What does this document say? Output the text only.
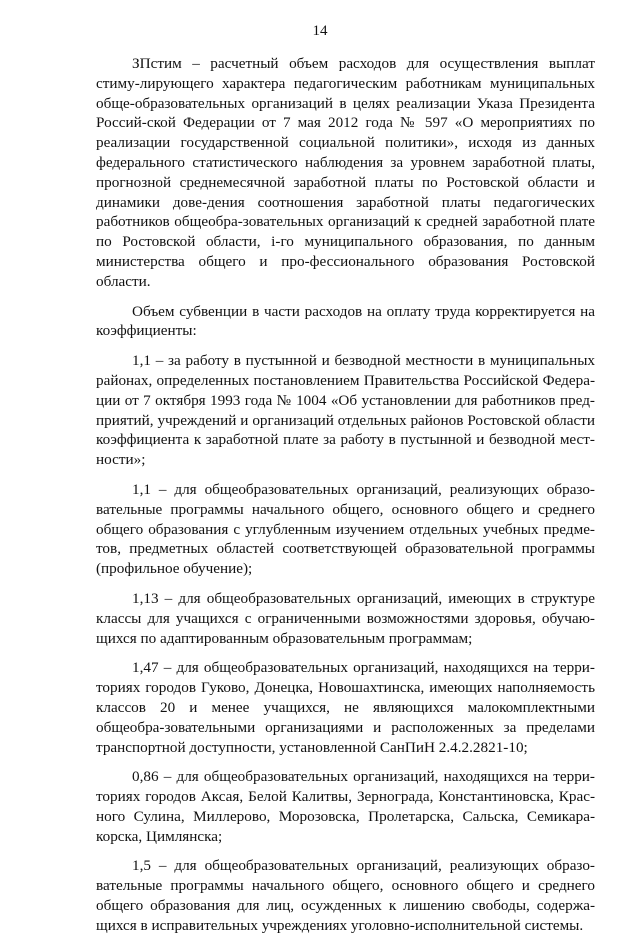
14

ЗПстим – расчетный объем расходов для осуществления выплат стиму-лирующего характера педагогическим работникам муниципальных обще-образовательных организаций в целях реализации Указа Президента Россий-ской Федерации от 7 мая 2012 года № 597 «О мероприятиях по реализации государственной социальной политики», исходя из данных федерального статистического наблюдения за уровнем заработной платы, прогнозной среднемесячной заработной платы по Ростовской области и динамики дове-дения соотношения заработной платы педагогических работников общеобра-зовательных организаций к средней заработной плате по Ростовской области, i-го муниципального образования, по данным министерства общего и про-фессионального образования Ростовской области.

Объем субвенции в части расходов на оплату труда корректируется на коэффициенты:

1,1 – за работу в пустынной и безводной местности в муниципальных районах, определенных постановлением Правительства Российской Федера-ции от 7 октября 1993 года № 1004 «Об установлении для работников пред-приятий, учреждений и организаций отдельных районов Ростовской области коэффициента к заработной плате за работу в пустынной и безводной мест-ности»;

1,1 – для общеобразовательных организаций, реализующих образо-вательные программы начального общего, основного общего и среднего общего образования с углубленным изучением отдельных учебных предме-тов, предметных областей соответствующей образовательной программы (профильное обучение);

1,13 – для общеобразовательных организаций, имеющих в структуре классы для учащихся с ограниченными возможностями здоровья, обучаю-щихся по адаптированным образовательным программам;

1,47 – для общеобразовательных организаций, находящихся на терри-ториях городов Гуково, Донецка, Новошахтинска, имеющих наполняемость классов 20 и менее учащихся, не являющихся малокомплектными общеобра-зовательными организациями и расположенных за пределами транспортной доступности, установленной СанПиН 2.4.2.2821-10;

0,86 – для общеобразовательных организаций, находящихся на терри-ториях городов Аксая, Белой Калитвы, Зернограда, Константиновска, Крас-ного Сулина, Миллерово, Морозовска, Пролетарска, Сальска, Семикара-корска, Цимлянска;

1,5 – для общеобразовательных организаций, реализующих образо-вательные программы начального общего, основного общего и среднего общего образования для лиц, осужденных к лишению свободы, содержа-щихся в исправительных учреждениях уголовно-исполнительной системы.
